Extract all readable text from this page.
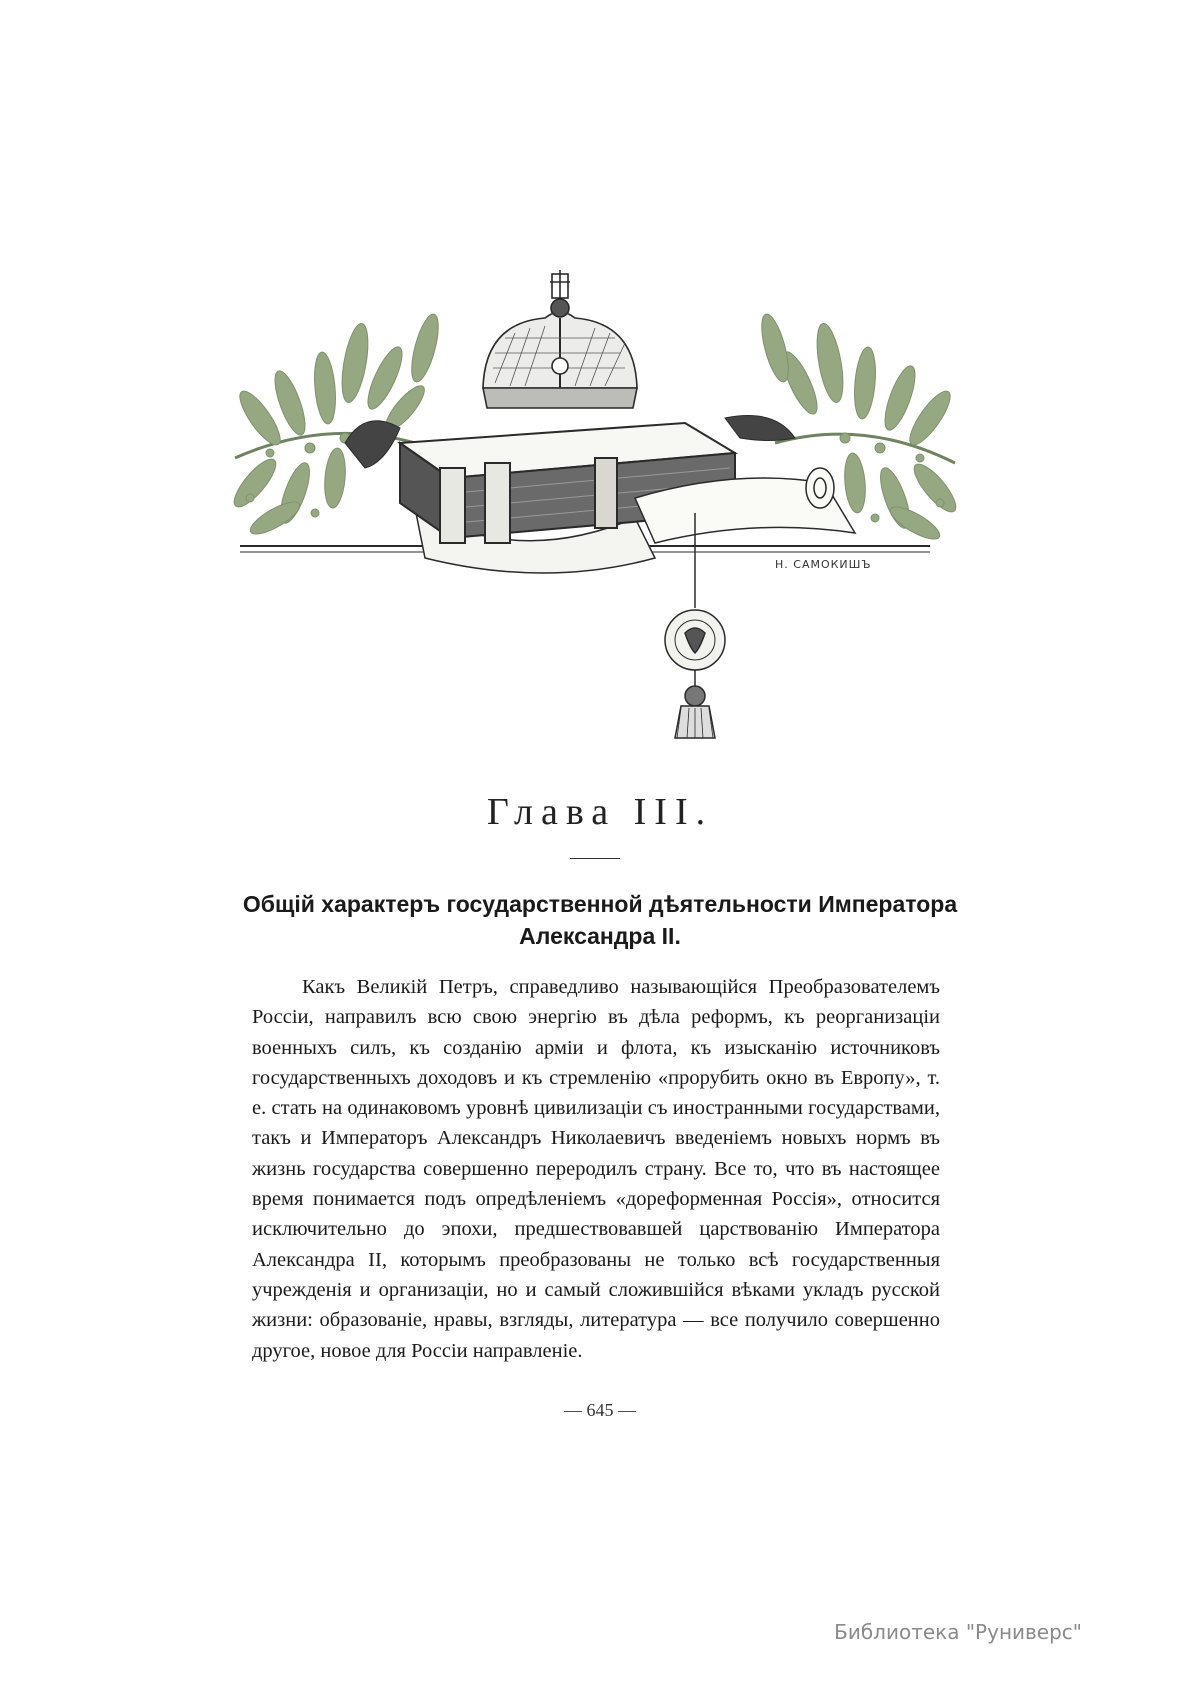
Н. САМОКИШЪ
Глава III.
Общій характеръ государственной дѣятельности Императора Александра II.

Какъ Великій Петръ, справедливо называющійся Преобразователемъ Россіи, направилъ всю свою энергію въ дѣла реформъ, къ реорганизаціи военныхъ силъ, къ созданію арміи и флота, къ изысканію источниковъ государственныхъ доходовъ и къ стремленію «прорубить окно въ Европу», т. е. стать на одинаковомъ уровнѣ цивилизаціи съ иностранными государствами, такъ и Императоръ Александръ Николаевичъ введеніемъ новыхъ нормъ въ жизнь государства совершенно переродилъ страну. Все то, что въ настоящее время понимается подъ опредѣленіемъ «дореформенная Россія», относится исключительно до эпохи, предшествовавшей царствованію Императора Александра II, которымъ преобразованы не только всѣ государственныя учрежденія и организаціи, но и самый сложившійся вѣками укладъ русской жизни: образованіе, нравы, взгляды, литература — все получило совершенно другое, новое для Россіи направленіе.

— 645 —
Библиотека "Руниверс"
